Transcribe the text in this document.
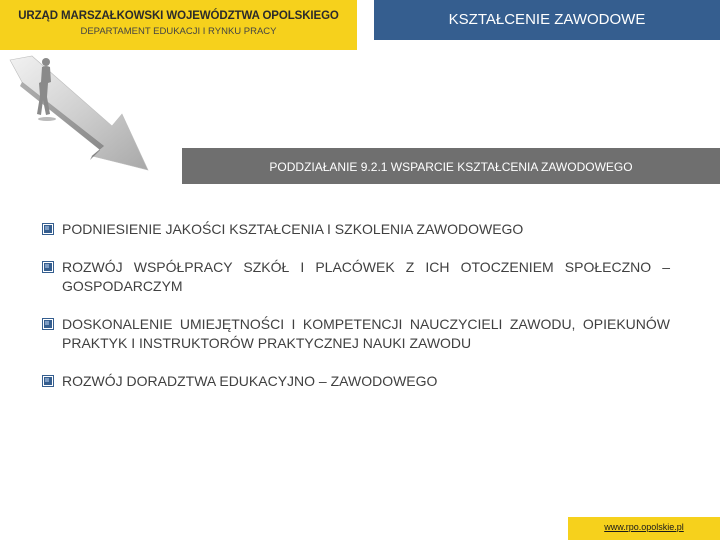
URZĄD MARSZAŁKOWSKI WOJEWÓDZTWA OPOLSKIEGO
DEPARTAMENT EDUKACJI I RYNKU PRACY
KSZTAŁCENIE ZAWODOWE
PODDZIAŁANIE 9.2.1 WSPARCIE KSZTAŁCENIA ZAWODOWEGO
PODNIESIENIE JAKOŚCI KSZTAŁCENIA I SZKOLENIA ZAWODOWEGO
ROZWÓJ WSPÓŁPRACY SZKÓŁ I PLACÓWEK Z ICH OTOCZENIEM SPOŁECZNO – GOSPODARCZYM
DOSKONALENIE UMIEJĘTNOŚCI I KOMPETENCJI NAUCZYCIELI ZAWODU, OPIEKUNÓW PRAKTYK I INSTRUKTORÓW PRAKTYCZNEJ NAUKI ZAWODU
ROZWÓJ DORADZTWA EDUKACYJNO – ZAWODOWEGO
www.rpo.opolskie.pl
